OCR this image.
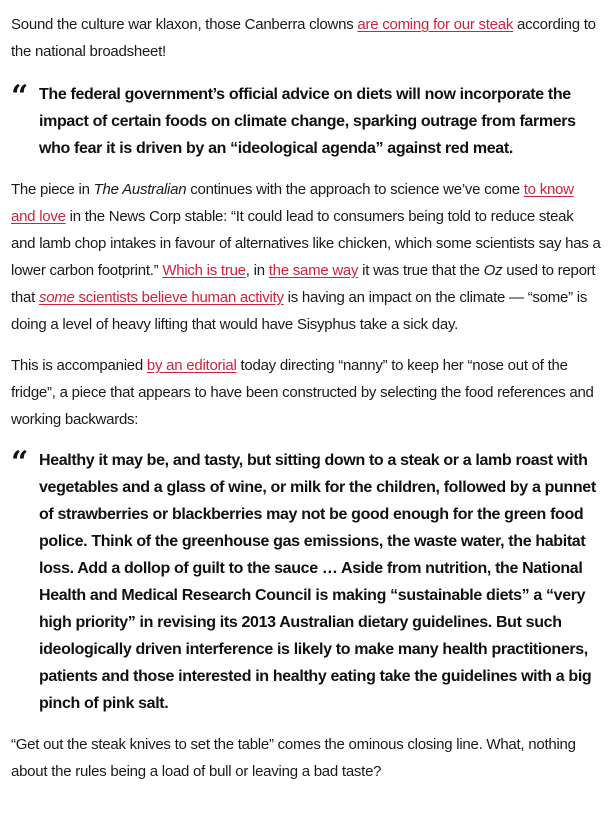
Sound the culture war klaxon, those Canberra clowns are coming for our steak according to the national broadsheet!

“ The federal government’s official advice on diets will now incorporate the impact of certain foods on climate change, sparking outrage from farmers who fear it is driven by an “ideological agenda” against red meat.

The piece in The Australian continues with the approach to science we’ve come to know and love in the News Corp stable: “It could lead to consumers being told to reduce steak and lamb chop intakes in favour of alternatives like chicken, which some scientists say has a lower carbon footprint.” Which is true, in the same way it was true that the Oz used to report that some scientists believe human activity is having an impact on the climate — “some” is doing a level of heavy lifting that would have Sisyphus take a sick day.

This is accompanied by an editorial today directing “nanny” to keep her “nose out of the fridge”, a piece that appears to have been constructed by selecting the food references and working backwards:

“ Healthy it may be, and tasty, but sitting down to a steak or a lamb roast with vegetables and a glass of wine, or milk for the children, followed by a punnet of strawberries or blackberries may not be good enough for the green food police. Think of the greenhouse gas emissions, the waste water, the habitat loss. Add a dollop of guilt to the sauce … Aside from nutrition, the National Health and Medical Research Council is making “sustainable diets” a “very high priority” in revising its 2013 Australian dietary guidelines. But such ideologically driven interference is likely to make many health practitioners, patients and those interested in healthy eating take the guidelines with a big pinch of pink salt.

“Get out the steak knives to set the table” comes the ominous closing line. What, nothing about the rules being a load of bull or leaving a bad taste?
